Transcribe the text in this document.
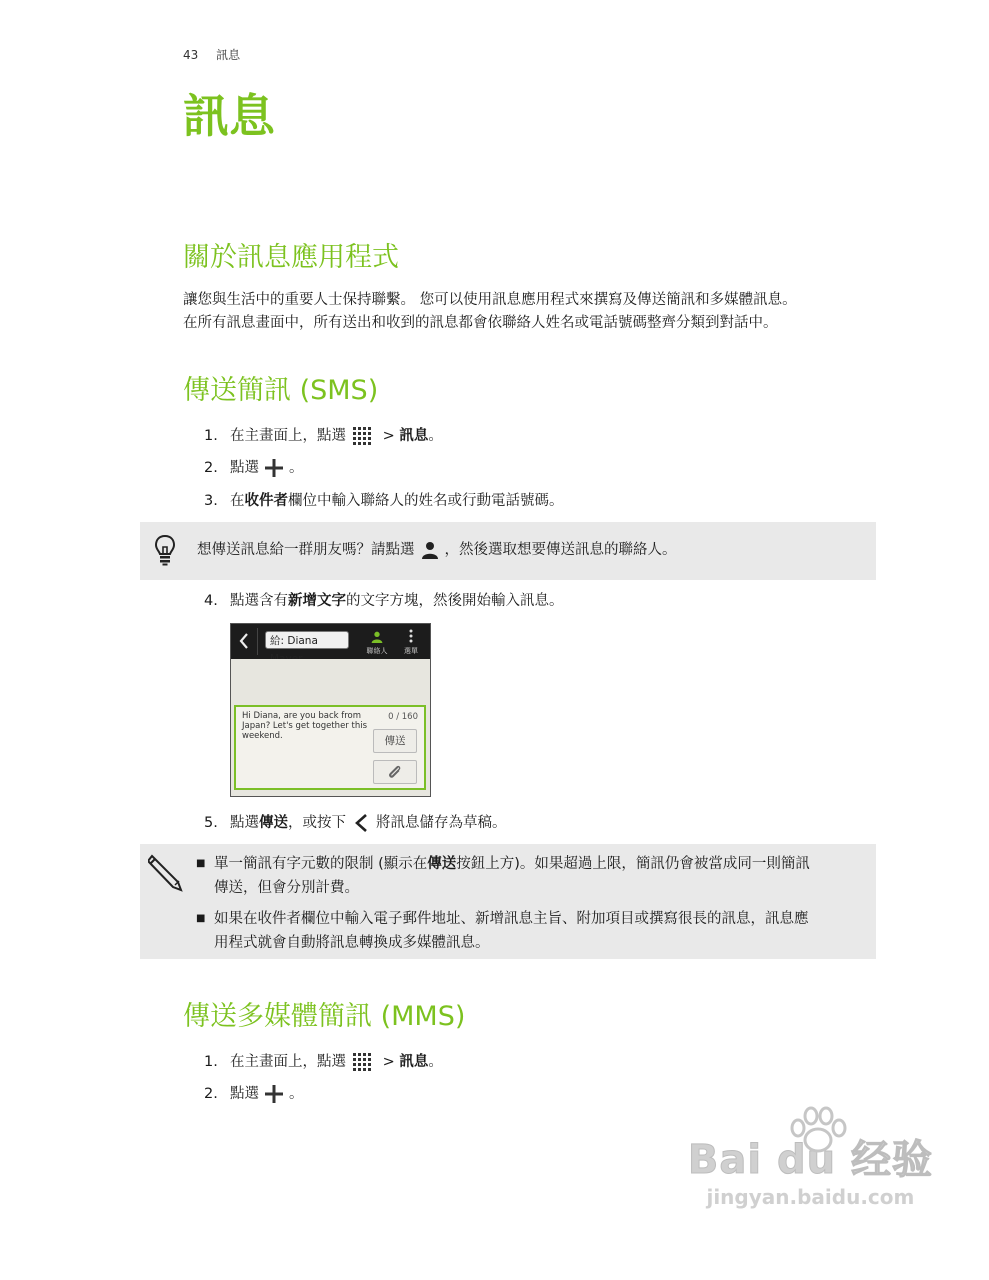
43 訊息
訊息
關於訊息應用程式
讓您與生活中的重要人士保持聯繫。 您可以使用訊息應用程式來撰寫及傳送簡訊和多媒體訊息。
在所有訊息畫面中，所有送出和收到的訊息都會依聯絡人姓名或電話號碼整齊分類到對話中。
傳送簡訊 (SMS)
1. 在主畫面上，點選 > 訊息 。
2. 點選 。
3. 在 收件者 欄位中輸入聯絡人的姓名或行動電話號碼。
想傳送訊息給一群朋友嗎？請點選 ，然後選取想要傳送訊息的聯絡人。
4. 點選含有 新增文字 的文字方塊，然後開始輸入訊息。
給: Diana
聯絡人	選單
Hi Diana, are you back from Japan? Let's get together this weekend.
0 / 160
傳送
5. 點選 傳送 ，或按下 將訊息儲存為草稿。
■ 單一簡訊有字元數的限制 (顯示在傳送按鈕上方)。如果超過上限，簡訊仍會被當成同一則簡訊
傳送，但會分別計費。
■ 如果在收件者欄位中輸入電子郵件地址、新增訊息主旨、附加項目或撰寫很長的訊息，訊息應
用程式就會自動將訊息轉換成多媒體訊息。
傳送多媒體簡訊 (MMS)
1. 在主畫面上，點選 > 訊息 。
2. 點選 。
Bai du 经验
jingyan.baidu.com
